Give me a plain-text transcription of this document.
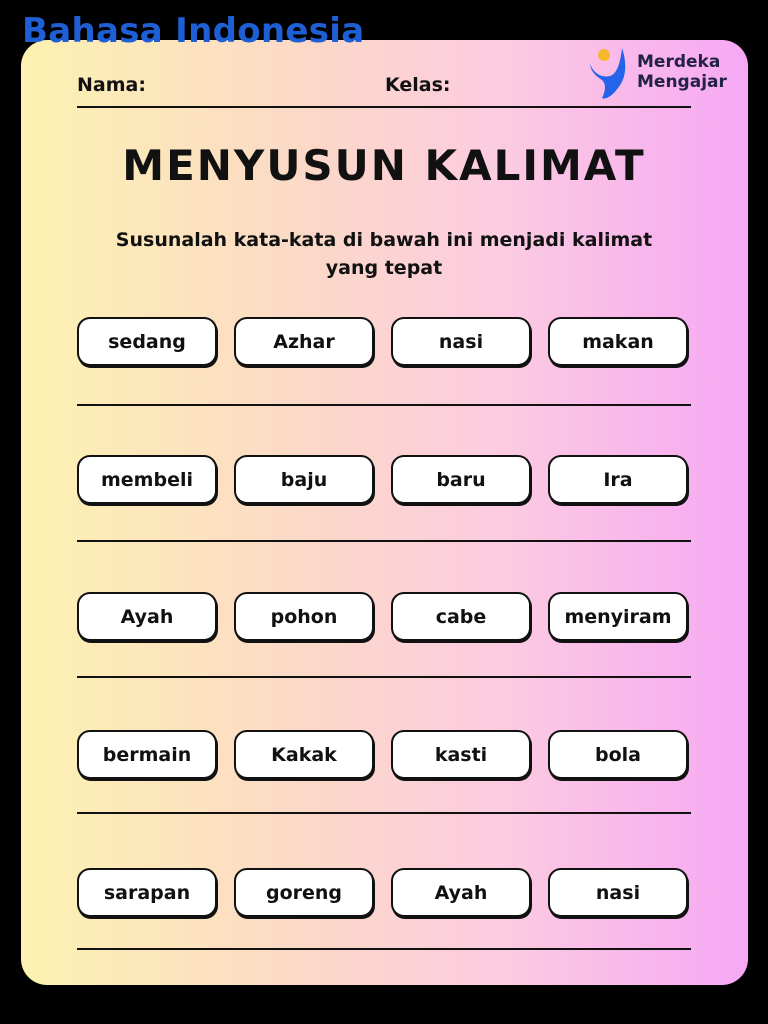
Bahasa Indonesia
Nama:	Kelas:
Merdeka
Mengajar
MENYUSUN KALIMAT
Susunalah kata-kata di bawah ini menjadi kalimat yang tepat
sedang	Azhar	nasi	makan
membeli	baju	baru	Ira
Ayah	pohon	cabe	menyiram
bermain	Kakak	kasti	bola
sarapan	goreng	Ayah	nasi
